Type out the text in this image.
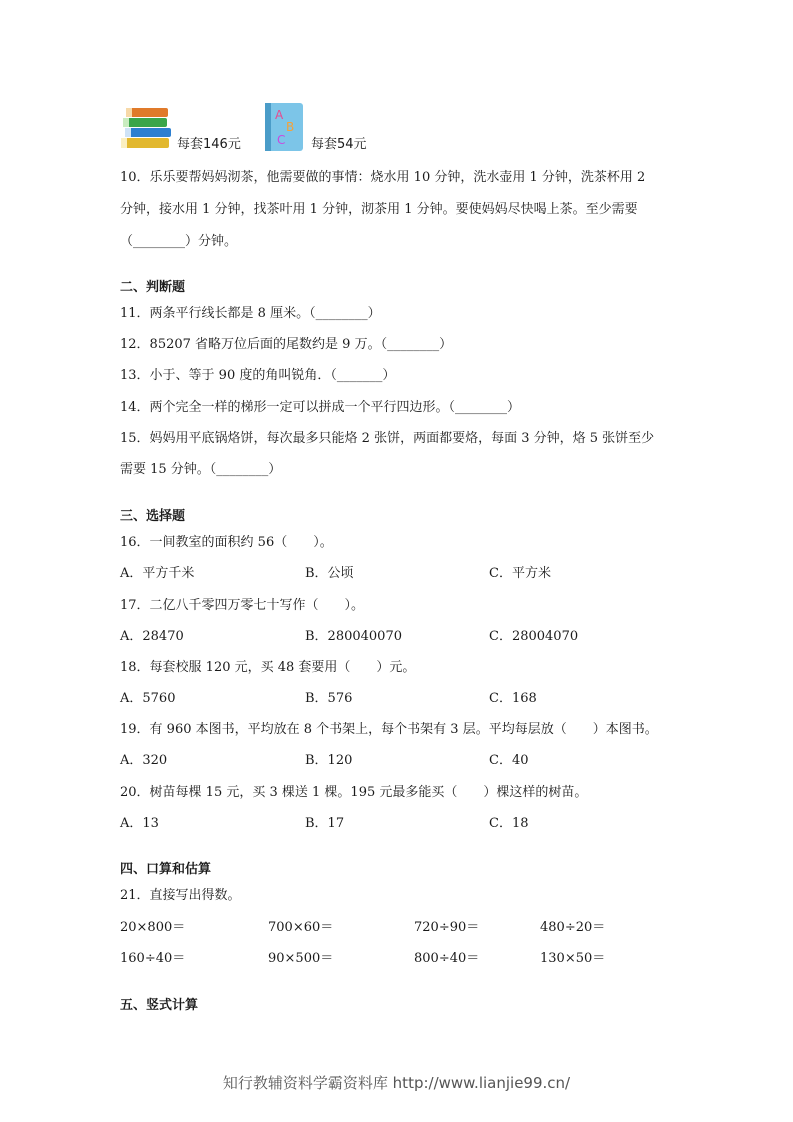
每套146元
A
B
C 每套54元
10．乐乐要帮妈妈沏茶，他需要做的事情：烧水用 10 分钟，洗水壶用 1 分钟，洗茶杯用 2
分钟，接水用 1 分钟，找茶叶用 1 分钟，沏茶用 1 分钟。要使妈妈尽快喝上茶。至少需要
（________）分钟。
二、判断题
11．两条平行线长都是 8 厘米。（________）
12．85207 省略万位后面的尾数约是 9 万。（________）
13．小于、等于 90 度的角叫锐角．（_______）
14．两个完全一样的梯形一定可以拼成一个平行四边形。（________）
15．妈妈用平底锅烙饼，每次最多只能烙 2 张饼，两面都要烙，每面 3 分钟，烙 5 张饼至少
需要 15 分钟。（________）
三、选择题
16．一间教室的面积约 56（　　）。
A．平方千米	B．公顷	C．平方米
17．二亿八千零四万零七十写作（　　）。
A．28470	B．280040070	C．28004070
18．每套校服 120 元，买 48 套要用（　　）元。
A．5760	B．576	C．168
19．有 960 本图书，平均放在 8 个书架上，每个书架有 3 层。平均每层放（　　）本图书。
A．320	B．120	C．40
20．树苗每棵 15 元，买 3 棵送 1 棵。195 元最多能买（　　）棵这样的树苗。
A．13	B．17	C．18
四、口算和估算
21．直接写出得数。
20×800＝	700×60＝	720÷90＝	480÷20＝
160÷40＝	90×500＝	800÷40＝	130×50＝
五、竖式计算
知行教辅资料学霸资料库 http://www.lianjie99.cn/
